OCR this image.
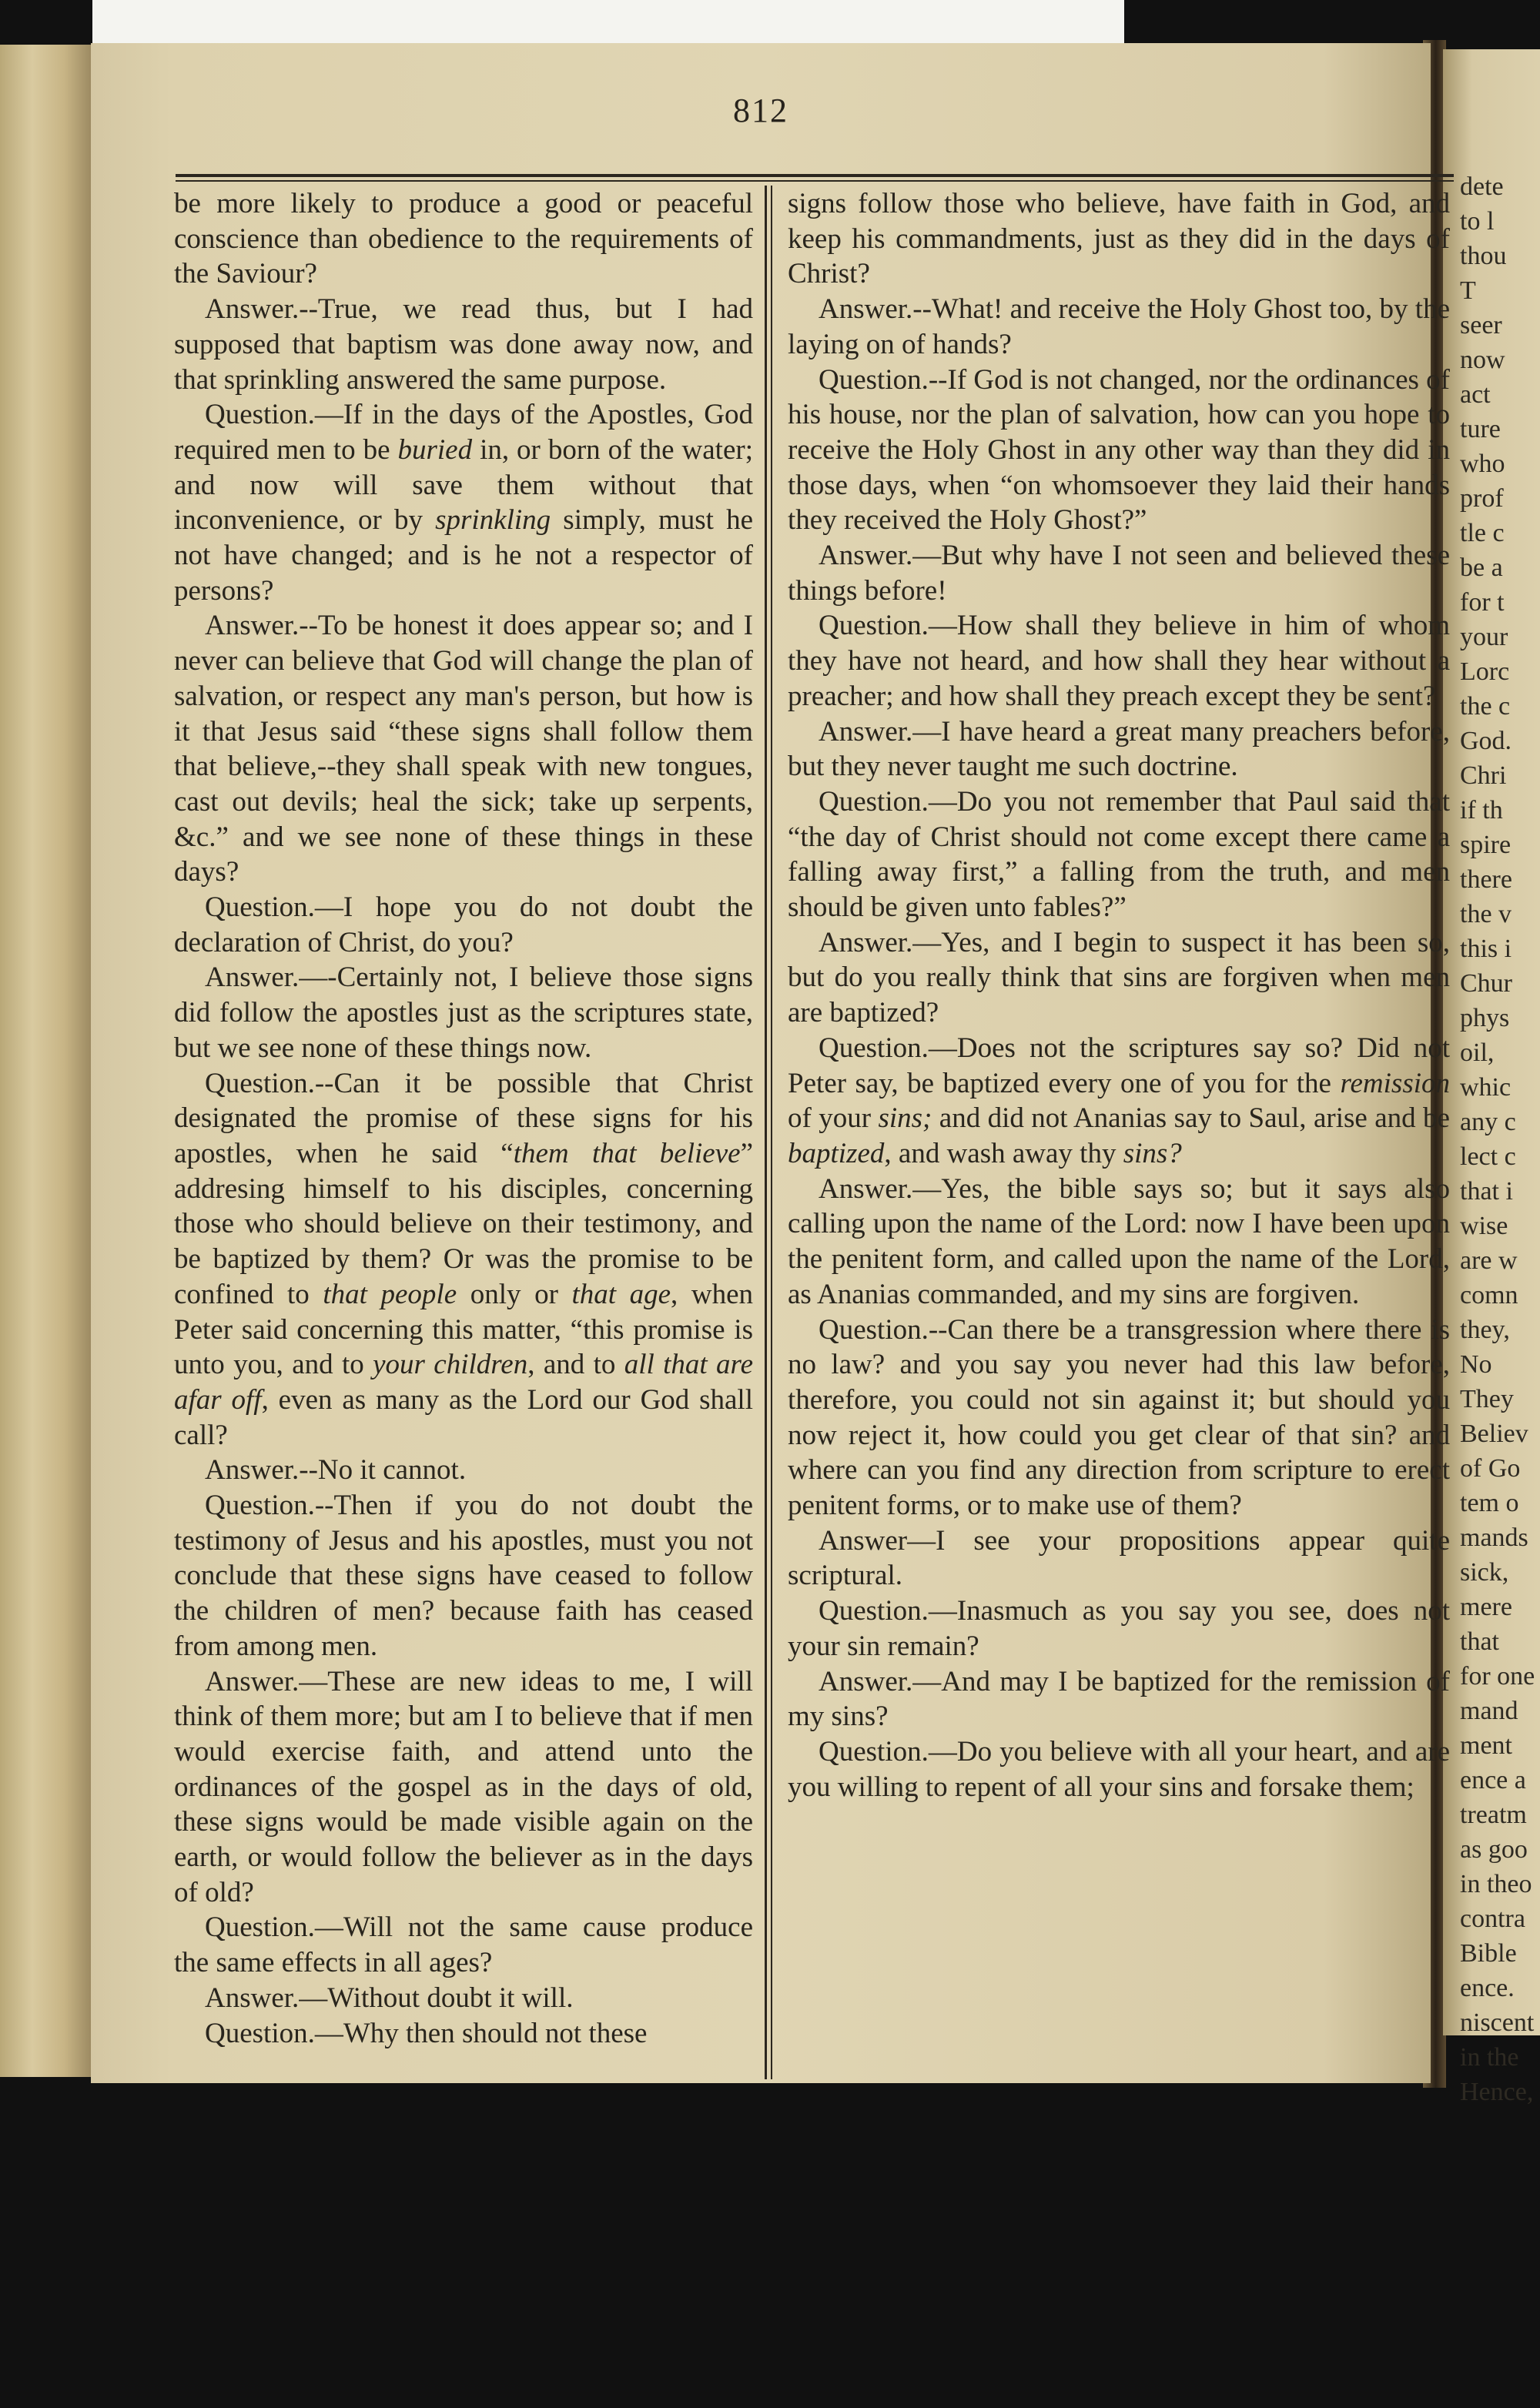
dete
to l
thou
T
seer
now
act
ture
who
prof
tle c
be a
for t
your
Lorc
the c
God.
Chri
if th
spire
there
the v
this i
Chur
phys
oil,
whic
any c
lect c
that i
wise
are w
comn
they,
No
They
Believ
of Go
tem o
mands
sick,
mere
that
for one
mand
ment
ence a
treatm
as goo
in theo
contra
Bible
ence.
niscent
in the
Hence,
812

be more likely to produce a good or peaceful conscience than obedience to the requirements of the Saviour?

Answer.--True, we read thus, but I had supposed that baptism was done away now, and that sprinkling answered the same purpose.

Question.—If in the days of the Apostles, God required men to be buried in, or born of the water; and now will save them without that inconvenience, or by sprinkling simply, must he not have changed; and is he not a respector of persons?

Answer.--To be honest it does appear so; and I never can believe that God will change the plan of salvation, or respect any man's person, but how is it that Jesus said “these signs shall follow them that believe,--they shall speak with new tongues, cast out devils; heal the sick; take up serpents, &c.” and we see none of these things in these days?

Question.—I hope you do not doubt the declaration of Christ, do you?

Answer.—-Certainly not, I believe those signs did follow the apostles just as the scriptures state, but we see none of these things now.

Question.--Can it be possible that Christ designated the promise of these signs for his apostles, when he said “them that believe” addresing himself to his disciples, concerning those who should believe on their testimony, and be baptized by them? Or was the promise to be confined to that people only or that age, when Peter said concerning this matter, “this promise is unto you, and to your children, and to all that are afar off, even as many as the Lord our God shall call?

Answer.--No it cannot.

Question.--Then if you do not doubt the testimony of Jesus and his apostles, must you not conclude that these signs have ceased to follow the children of men? because faith has ceased from among men.

Answer.—These are new ideas to me, I will think of them more; but am I to believe that if men would exercise faith, and attend unto the ordinances of the gospel as in the days of old, these signs would be made visible again on the earth, or would follow the believer as in the days of old?

Question.—Will not the same cause produce the same effects in all ages?

Answer.—Without doubt it will.

Question.—Why then should not these

signs follow those who believe, have faith in God, and keep his commandments, just as they did in the days of Christ?

Answer.--What! and receive the Holy Ghost too, by the laying on of hands?

Question.--If God is not changed, nor the ordinances of his house, nor the plan of salvation, how can you hope to receive the Holy Ghost in any other way than they did in those days, when “on whomsoever they laid their hands they received the Holy Ghost?”

Answer.—But why have I not seen and believed these things before!

Question.—How shall they believe in him of whom they have not heard, and how shall they hear without a preacher; and how shall they preach except they be sent?

Answer.—I have heard a great many preachers before, but they never taught me such doctrine.

Question.—Do you not remember that Paul said that “the day of Christ should not come except there came a falling away first,” a falling from the truth, and men should be given unto fables?”

Answer.—Yes, and I begin to suspect it has been so, but do you really think that sins are forgiven when men are baptized?

Question.—Does not the scriptures say so? Did not Peter say, be baptized every one of you for the remission of your sins; and did not Ananias say to Saul, arise and be baptized, and wash away thy sins?

Answer.—Yes, the bible says so; but it says also calling upon the name of the Lord: now I have been upon the penitent form, and called upon the name of the Lord, as Ananias commanded, and my sins are forgiven.

Question.--Can there be a transgression where there is no law? and you say you never had this law before, therefore, you could not sin against it; but should you now reject it, how could you get clear of that sin? and where can you find any direction from scripture to erect penitent forms, or to make use of them?

Answer—I see your propositions appear quite scriptural.

Question.—Inasmuch as you say you see, does not your sin remain?

Answer.—And may I be baptized for the remission of my sins?

Question.—Do you believe with all your heart, and are you willing to repent of all your sins and forsake them;
